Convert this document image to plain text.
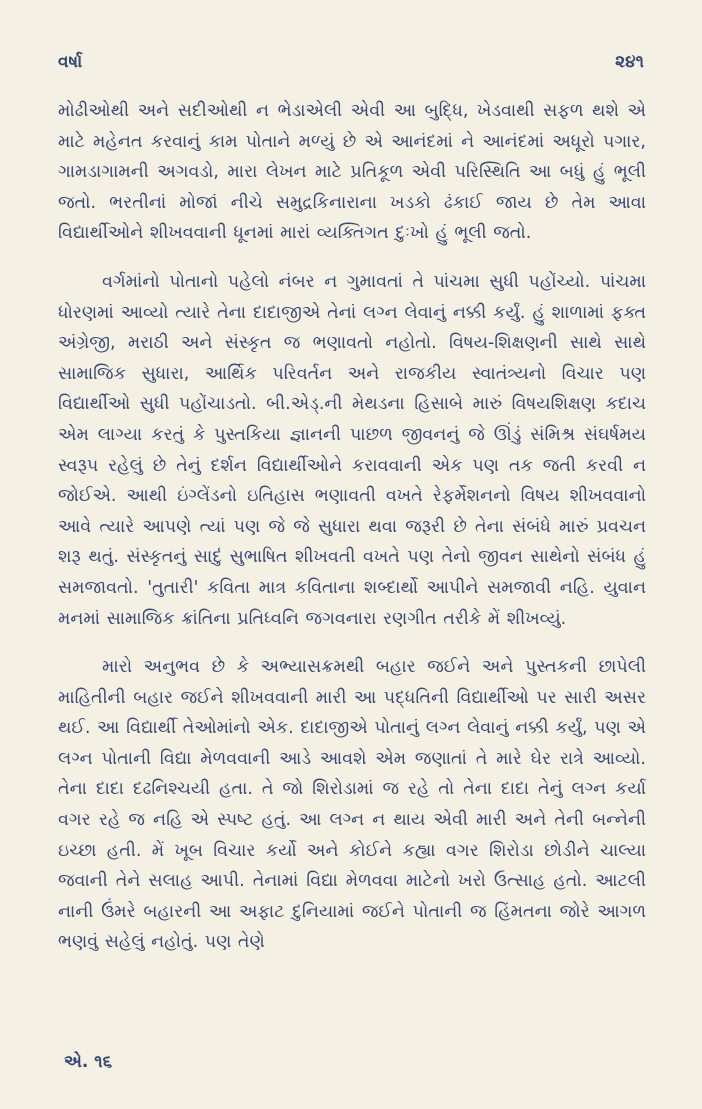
વર્ષા	૨૪૧

મોઢીઓથી અને સદીઓથી ન ભેડાએલી એવી આ બુદ્ધિ, ખેડવાથી સફળ થશે એ માટે મહેનત કરવાનું કામ પોતાને મળ્યું છે એ આનંદમાં ને આનંદમાં અધૂરો પગાર, ગામડાગામની અગવડો, મારા લેખન માટે પ્રતિકૂળ એવી પરિસ્થિતિ આ બધું હું ભૂલી જતો. ભરતીનાં મોજાં નીચે સમુદ્રકિનારાના ખડકો ઢંકાઈ જાય છે તેમ આવા વિદ્યાર્થીઓને શીખવવાની ધૂનમાં મારાં વ્યક્તિગત દુઃખો હું ભૂલી જતો.

વર્ગમાંનો પોતાનો પહેલો નંબર ન ગુમાવતાં તે પાંચમા સુધી પહોંચ્યો. પાંચમા ધોરણમાં આવ્યો ત્યારે તેના દાદાજીએ તેનાં લગ્ન લેવાનું નક્કી કર્યું. હું શાળામાં ફક્ત અંગ્રેજી, મરાઠી અને સંસ્કૃત જ ભણાવતો નહોતો. વિષય-શિક્ષણની સાથે સાથે સામાજિક સુધારા, આર્થિક પરિવર્તન અને રાજકીય સ્વાતંત્ર્યનો વિચાર પણ વિદ્યાર્થીઓ સુધી પહોંચાડતો. બી.એડ્.ની મેથડના હિસાબે મારું વિષયશિક્ષણ કદાચ એમ લાગ્યા કરતું કે પુસ્તકિયા જ્ઞાનની પાછળ જીવનનું જે ઊંડું સંમિશ્ર સંઘર્ષમય સ્વરૂપ રહેલું છે તેનું દર્શન વિદ્યાર્થીઓને કરાવવાની એક પણ તક જતી કરવી ન જોઈએ. આથી ઇંગ્લેંડનો ઇતિહાસ ભણાવતી વખતે રેફર્મેશનનો વિષય શીખવવાનો આવે ત્યારે આપણે ત્યાં પણ જે જે સુધારા થવા જરૂરી છે તેના સંબંધે મારું પ્રવચન શરૂ થતું. સંસ્કૃતનું સાદું સુભાષિત શીખવતી વખતે પણ તેનો જીવન સાથેનો સંબંધ હું સમજાવતો. 'તુતારી' કવિતા માત્ર કવિતાના શબ્દાર્થો આપીને સમજાવી નહિ. યુવાન મનમાં સામાજિક ક્રાંતિના પ્રતિધ્વનિ જગવનારા રણગીત તરીકે મેં શીખવ્યું.

મારો અનુભવ છે કે અભ્યાસક્રમથી બહાર જઈને અને પુસ્તકની છાપેલી માહિતીની બહાર જઈને શીખવવાની મારી આ પદ્ધતિની વિદ્યાર્થીઓ પર સારી અસર થઈ. આ વિદ્યાર્થી તેઓમાંનો એક. દાદાજીએ પોતાનું લગ્ન લેવાનું નક્કી કર્યું, પણ એ લગ્ન પોતાની વિદ્યા મેળવવાની આડે આવશે એમ જણાતાં તે મારે ઘેર રાત્રે આવ્યો. તેના દાદા દઢનિશ્ચયી હતા. તે જો શિરોડામાં જ રહે તો તેના દાદા તેનું લગ્ન કર્યા વગર રહે જ નહિ એ સ્પષ્ટ હતું. આ લગ્ન ન થાય એવી મારી અને તેની બન્નેની ઇચ્છા હતી. મેં ખૂબ વિચાર કર્યો અને કોઈને કહ્યા વગર શિરોડા છોડીને ચાલ્યા જવાની તેને સલાહ આપી. તેનામાં વિદ્યા મેળવવા માટેનો ખરો ઉત્સાહ હતો. આટલી નાની ઉંમરે બહારની આ અફાટ દુનિયામાં જઈને પોતાની જ હિંમતના જોરે આગળ ભણવું સહેલું નહોતું. પણ તેણે

એ. ૧૬
